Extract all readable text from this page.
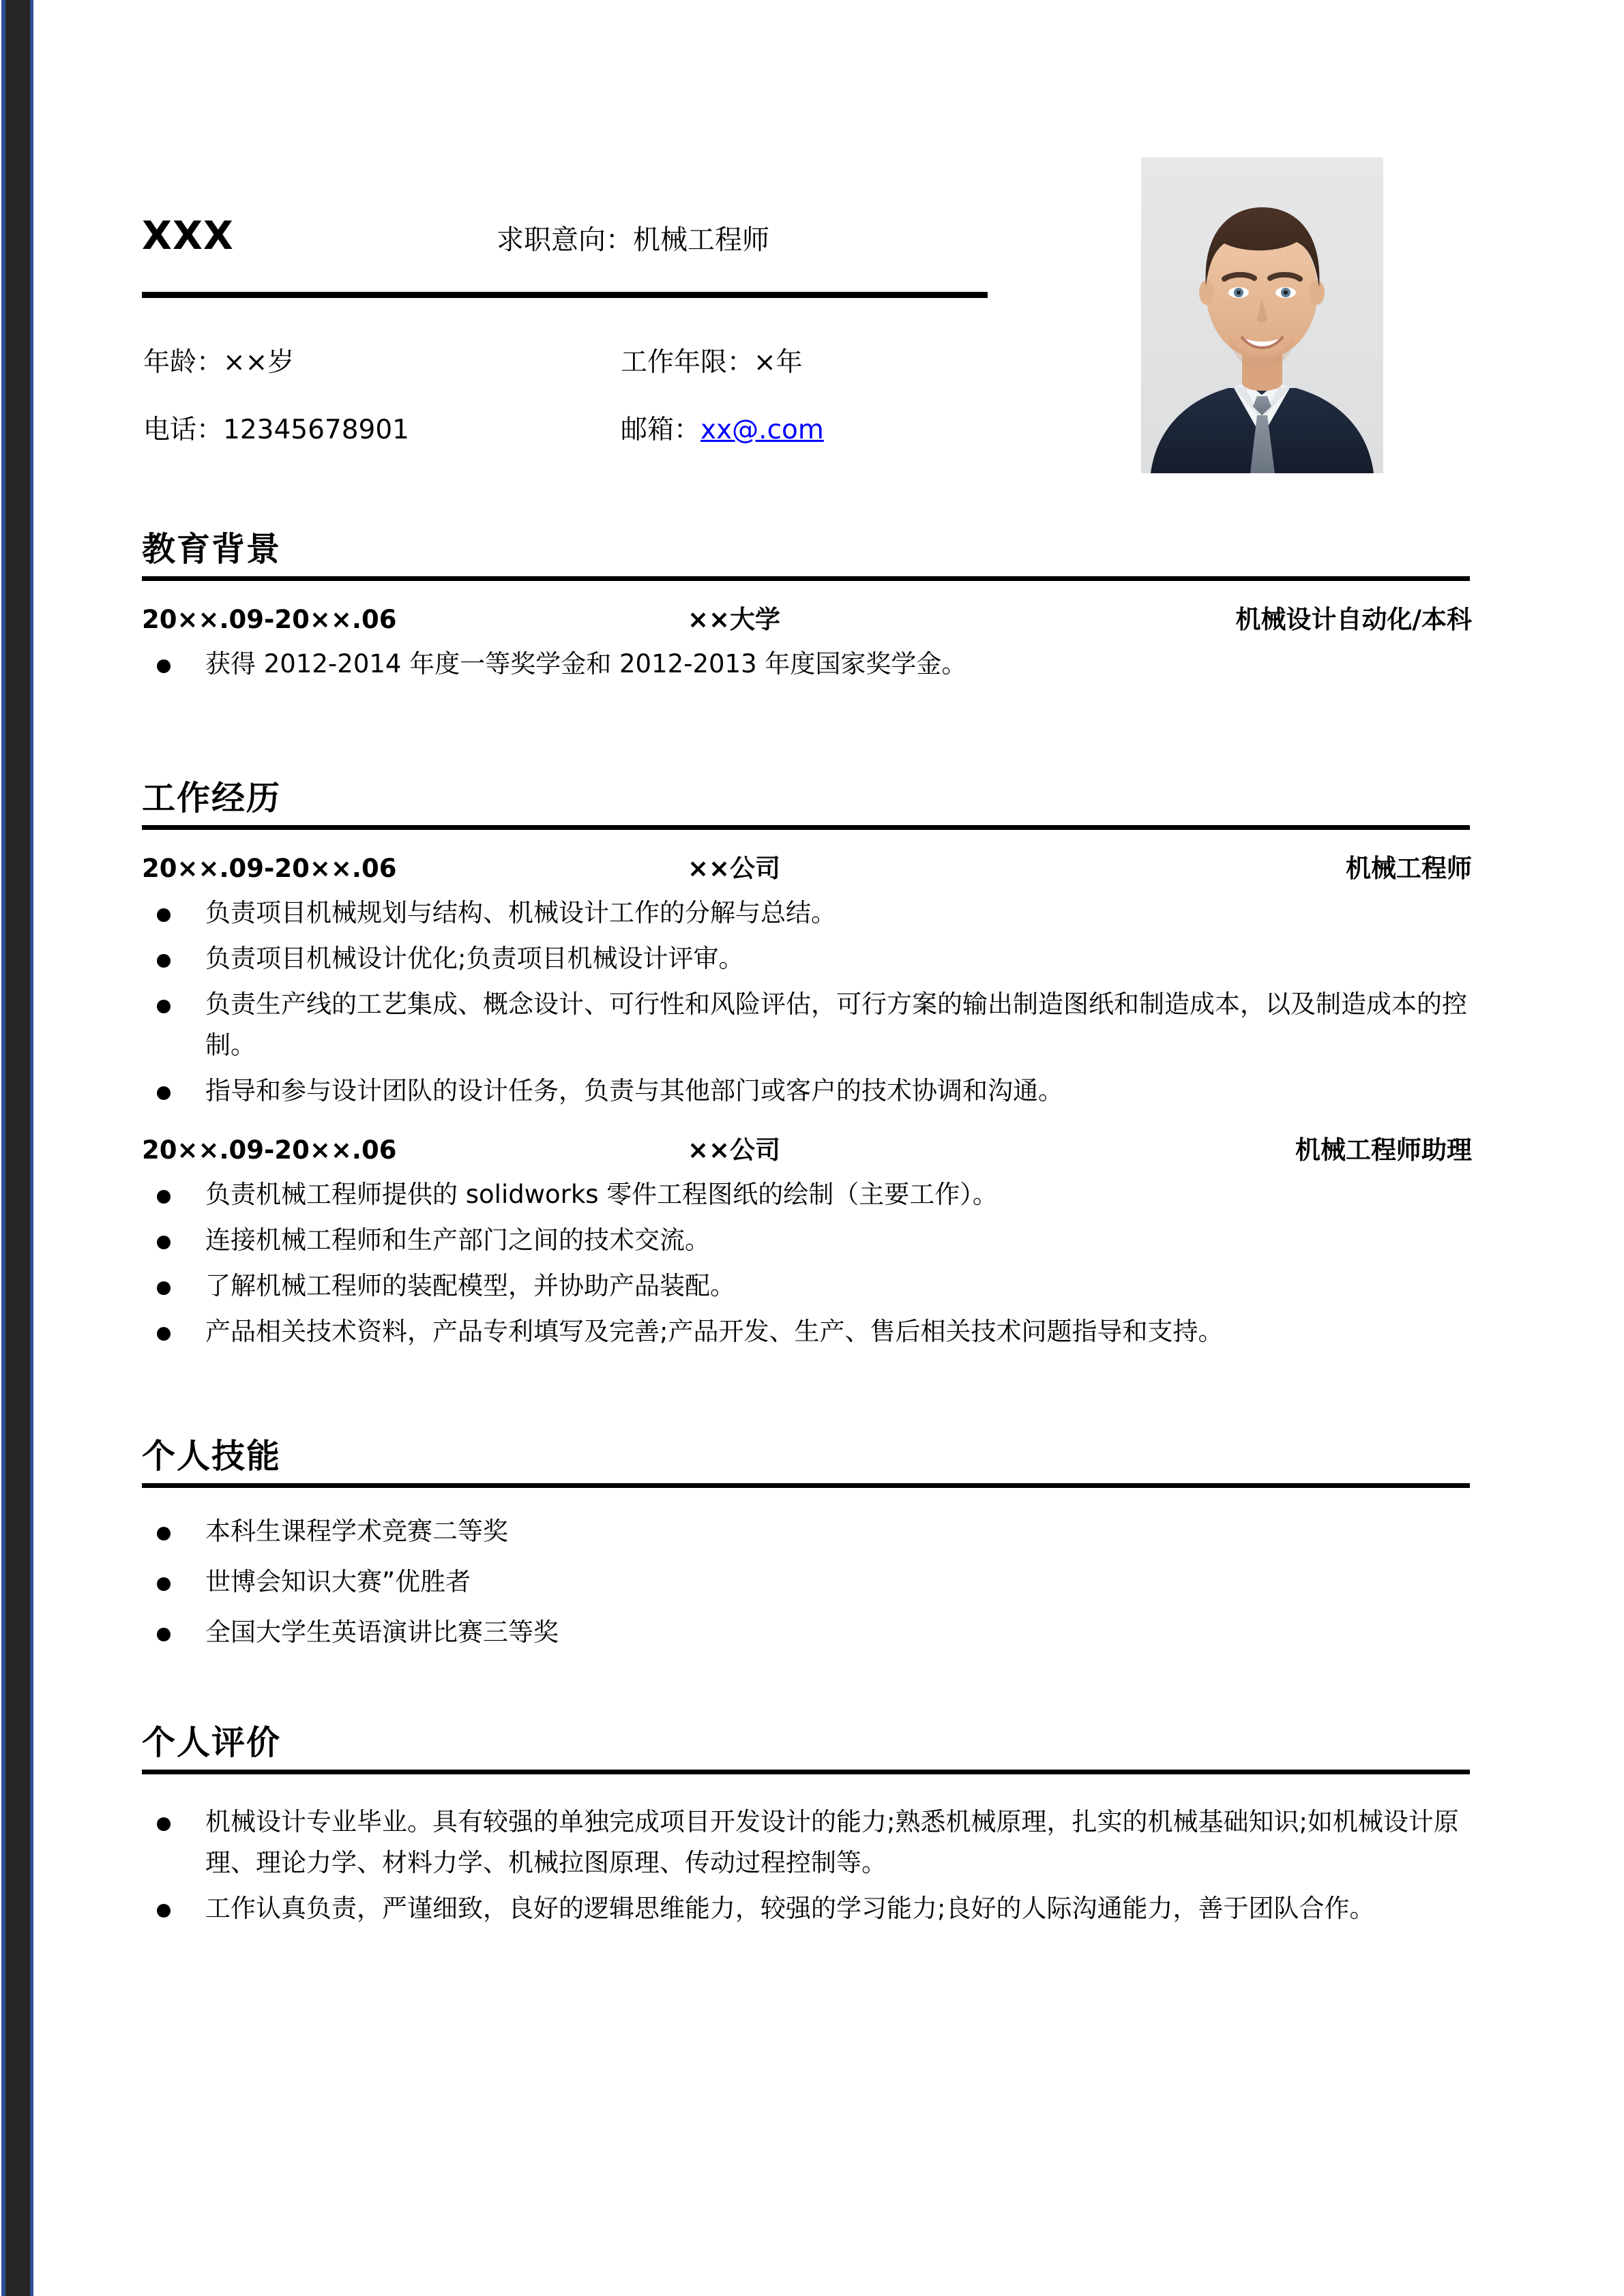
XXX	求职意向：机械工程师
年龄：××岁	工作年限：×年
电话：12345678901	邮箱：xx@.com
教育背景
20××.09-20××.06	××大学	机械设计自动化/本科
获得 2012-2014 年度一等奖学金和 2012-2013 年度国家奖学金。
工作经历
20××.09-20××.06	××公司	机械工程师
负责项目机械规划与结构、机械设计工作的分解与总结。
负责项目机械设计优化;负责项目机械设计评审。
负责生产线的工艺集成、概念设计、可行性和风险评估，可行方案的输出制造图纸和制造成本，以及制造成本的控制。
指导和参与设计团队的设计任务，负责与其他部门或客户的技术协调和沟通。
20××.09-20××.06	××公司	机械工程师助理
负责机械工程师提供的 solidworks 零件工程图纸的绘制（主要工作）。
连接机械工程师和生产部门之间的技术交流。
了解机械工程师的装配模型，并协助产品装配。
产品相关技术资料，产品专利填写及完善;产品开发、生产、售后相关技术问题指导和支持。
个人技能
本科生课程学术竞赛二等奖
世博会知识大赛”优胜者
全国大学生英语演讲比赛三等奖
个人评价
机械设计专业毕业。具有较强的单独完成项目开发设计的能力;熟悉机械原理，扎实的机械基础知识;如机械设计原理、理论力学、材料力学、机械拉图原理、传动过程控制等。
工作认真负责，严谨细致，良好的逻辑思维能力，较强的学习能力;良好的人际沟通能力，善于团队合作。
